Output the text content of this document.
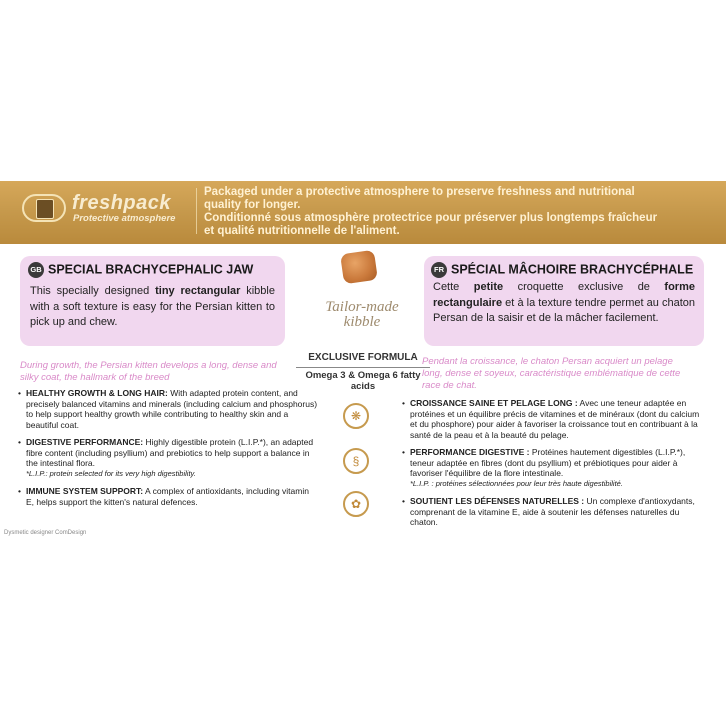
freshpack
Protective atmosphere
Packaged under a protective atmosphere to preserve freshness and nutritional
quality for longer.
Conditionné sous atmosphère protectrice pour préserver plus longtemps fraîcheur
et qualité nutritionnelle de l'aliment.
GB SPECIAL BRACHYCEPHALIC JAW
This specially designed tiny rectangular kibble with a soft texture is easy for the Persian kitten to pick up and chew.
FR SPÉCIAL MÂCHOIRE BRACHYCÉPHALE
Cette petite croquette exclusive de forme rectangulaire et à la texture tendre permet au chaton Persan de la saisir et de la mâcher facilement.
Tailor-made
kibble
EXCLUSIVE FORMULA
Omega 3 & Omega 6 fatty acids
❋
§
✿
During growth, the Persian kitten develops a long, dense and silky coat, the hallmark of the breed
Pendant la croissance, le chaton Persan acquiert un pelage long, dense et soyeux, caractéristique emblématique de cette race de chat.
• HEALTHY GROWTH & LONG HAIR: With adapted protein content, and precisely balanced vitamins and minerals (including calcium and phosphorus) to help support healthy growth while contributing to healthy skin and a beautiful coat.
• DIGESTIVE PERFORMANCE: Highly digestible protein (L.I.P.*), an adapted fibre content (including psyllium) and prebiotics to help support a balance in the intestinal flora.
*L.I.P.: protein selected for its very high digestibility.
• IMMUNE SYSTEM SUPPORT: A complex of antioxidants, including vitamin E, helps support the kitten's natural defences.
• CROISSANCE SAINE ET PELAGE LONG : Avec une teneur adaptée en protéines et un équilibre précis de vitamines et de minéraux (dont du calcium et du phosphore) pour aider à favoriser la croissance tout en contribuant à la santé de la peau et à la beauté du pelage.
• PERFORMANCE DIGESTIVE : Protéines hautement digestibles (L.I.P.*), teneur adaptée en fibres (dont du psyllium) et prébiotiques pour aider à favoriser l'équilibre de la flore intestinale.
*L.I.P. : protéines sélectionnées pour leur très haute digestibilité.
• SOUTIENT LES DÉFENSES NATURELLES : Un complexe d'antioxydants, comprenant de la vitamine E, aide à soutenir les défenses naturelles du chaton.
Dysmetic designer ComDesign
